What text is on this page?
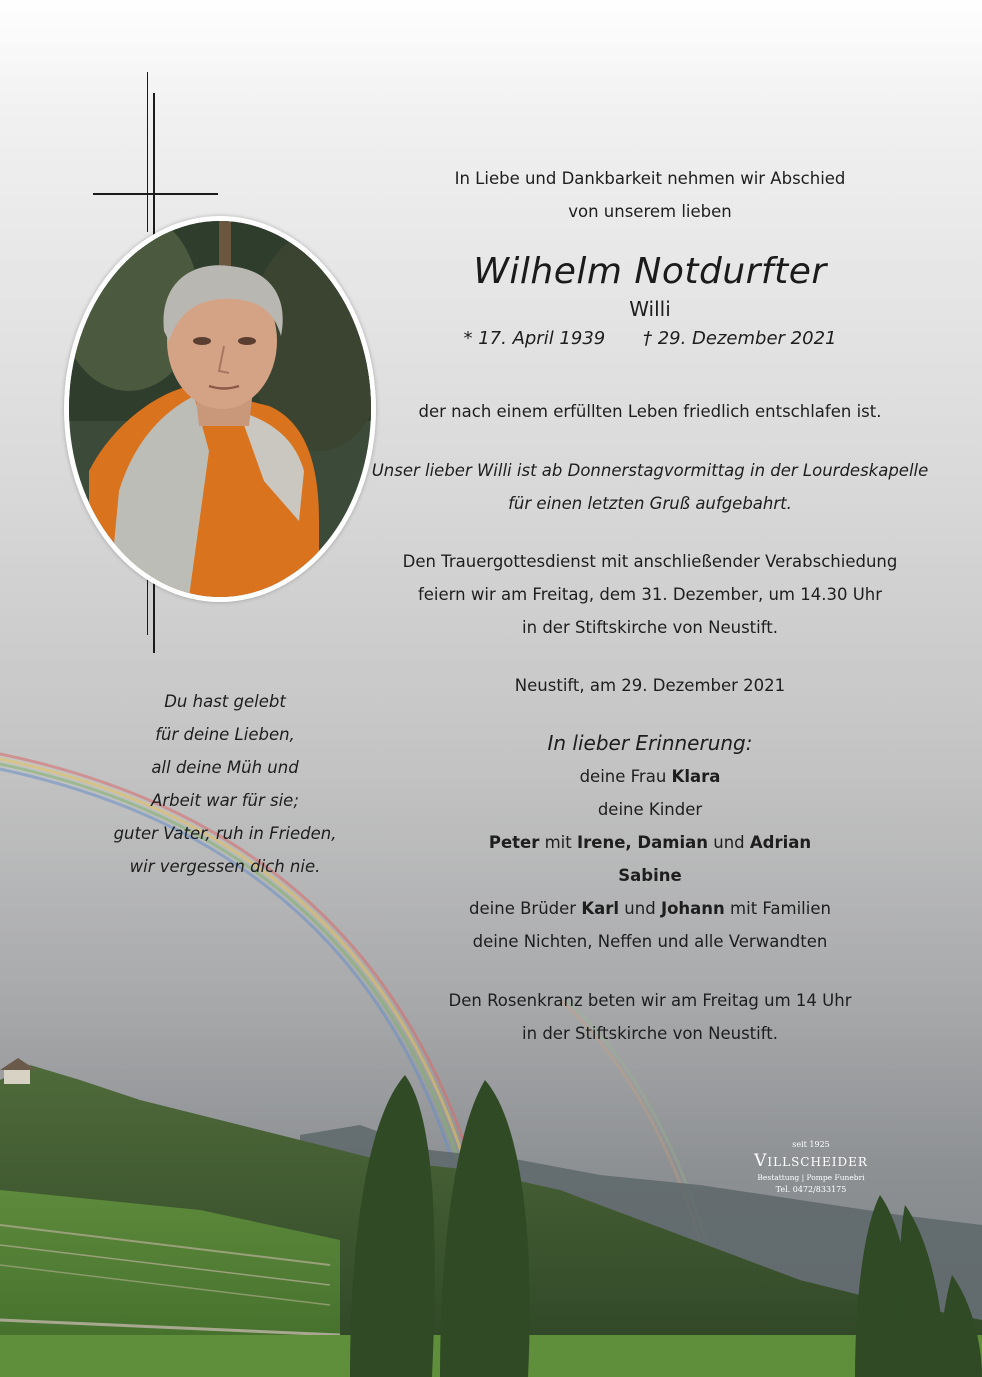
In Liebe und Dankbarkeit nehmen wir Abschied

von unserem lieben

Wilhelm Notdurfter

Willi

* 17. April 1939 † 29. Dezember 2021

der nach einem erfüllten Leben friedlich entschlafen ist.

Unser lieber Willi ist ab Donnerstagvormittag in der Lourdeskapelle

für einen letzten Gruß aufgebahrt.

Den Trauergottesdienst mit anschließender Verabschiedung

feiern wir am Freitag, dem 31. Dezember, um 14.30 Uhr

in der Stiftskirche von Neustift.

Neustift, am 29. Dezember 2021

In lieber Erinnerung:

deine Frau Klara

deine Kinder

Peter mit Irene, Damian und Adrian

Sabine

deine Brüder Karl und Johann mit Familien

deine Nichten, Neffen und alle Verwandten

Den Rosenkranz beten wir am Freitag um 14 Uhr

in der Stiftskirche von Neustift.

Du hast gelebt

für deine Lieben,

all deine Müh und

Arbeit war für sie;

guter Vater, ruh in Frieden,

wir vergessen dich nie.

seit 1925
Villscheider
Bestattung | Pompe Funebri
Tel. 0472/833175
